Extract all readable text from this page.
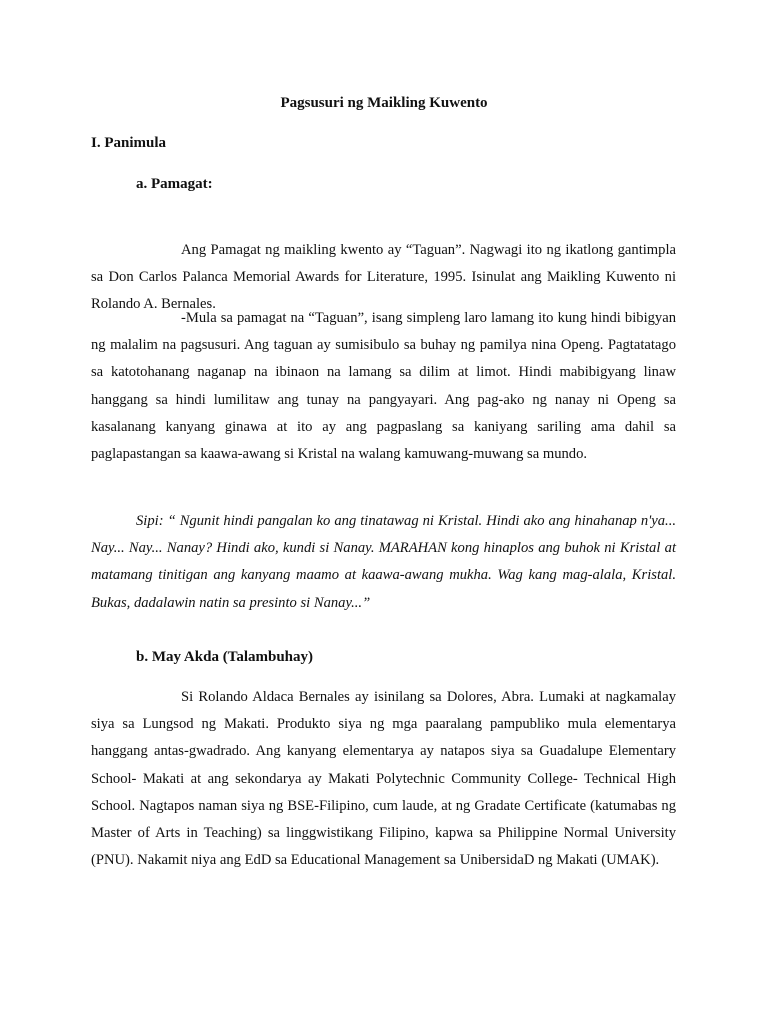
Pagsusuri ng Maikling Kuwento
I. Panimula
a. Pamagat:

Ang Pamagat ng maikling kwento ay “Taguan”. Nagwagi ito ng ikatlong gantimpla sa Don Carlos Palanca Memorial Awards for Literature, 1995. Isinulat ang Maikling Kuwento ni Rolando A. Bernales.

-Mula sa pamagat na “Taguan”, isang simpleng laro lamang ito kung hindi bibigyan ng malalim na pagsusuri. Ang taguan ay sumisibulo sa buhay ng pamilya nina Openg. Pagtatatago sa katotohanang naganap na ibinaon na lamang sa dilim at limot. Hindi mabibigyang linaw hanggang sa hindi lumilitaw ang tunay na pangyayari. Ang pag-ako ng nanay ni Openg sa kasalanang kanyang ginawa at ito ay ang pagpaslang sa kaniyang sariling ama dahil sa paglapastangan sa kaawa-awang si Kristal na walang kamuwang-muwang sa mundo.

Sipi: “ Ngunit hindi pangalan ko ang tinatawag ni Kristal. Hindi ako ang hinahanap n'ya... Nay... Nay... Nanay? Hindi ako, kundi si Nanay. MARAHAN kong hinaplos ang buhok ni Kristal at matamang tinitigan ang kanyang maamo at kaawa-awang mukha. Wag kang mag-alala, Kristal. Bukas, dadalawin natin sa presinto si Nanay...”

b. May Akda (Talambuhay)

Si Rolando Aldaca Bernales ay isinilang sa Dolores, Abra. Lumaki at nagkamalay siya sa Lungsod ng Makati. Produkto siya ng mga paaralang pampubliko mula elementarya hanggang antas-gwadrado. Ang kanyang elementarya ay natapos siya sa Guadalupe Elementary School- Makati at ang sekondarya ay Makati Polytechnic Community College- Technical High School. Nagtapos naman siya ng BSE-Filipino, cum laude, at ng Gradate Certificate (katumabas ng Master of Arts in Teaching) sa linggwistikang Filipino, kapwa sa Philippine Normal University (PNU). Nakamit niya ang EdD sa Educational Management sa UnibersidaD ng Makati (UMAK).
